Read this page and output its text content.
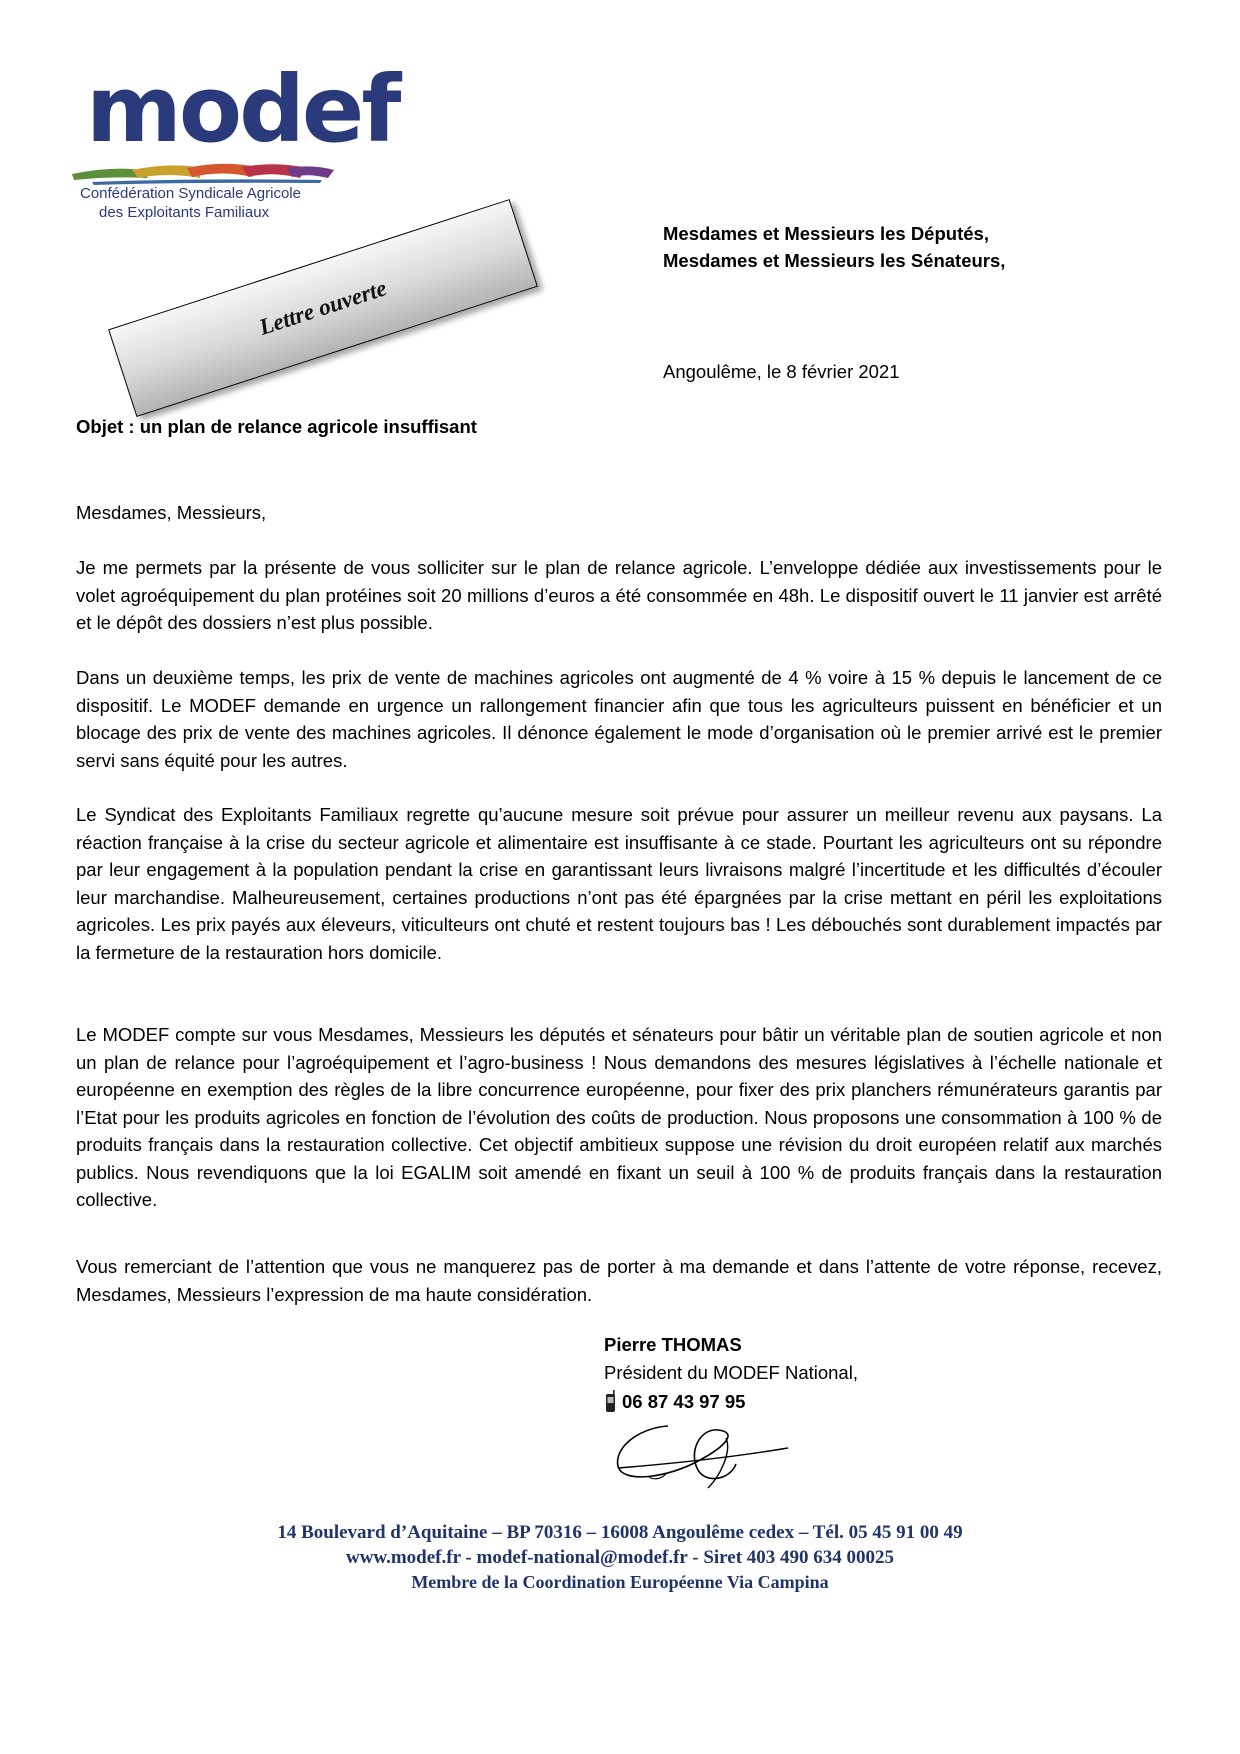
modef
Confédération Syndicale Agricole
des Exploitants Familiaux
Lettre ouverte
Mesdames et Messieurs les Députés,
Mesdames et Messieurs les Sénateurs,
Angoulême, le 8 février 2021
Objet : un plan de relance agricole insuffisant
Mesdames, Messieurs,

Je me permets par la présente de vous solliciter sur le plan de relance agricole. L’enveloppe dédiée aux investissements pour le volet agroéquipement du plan protéines soit 20 millions d’euros a été consommée en 48h. Le dispositif ouvert le 11 janvier est arrêté et le dépôt des dossiers n’est plus possible.

Dans un deuxième temps, les prix de vente de machines agricoles ont augmenté de 4 % voire à 15 % depuis le lancement de ce dispositif. Le MODEF demande en urgence un rallongement financier afin que tous les agriculteurs puissent en bénéficier et un blocage des prix de vente des machines agricoles. Il dénonce également le mode d’organisation où le premier arrivé est le premier servi sans équité pour les autres.

Le Syndicat des Exploitants Familiaux regrette qu’aucune mesure soit prévue pour assurer un meilleur revenu aux paysans. La réaction française à la crise du secteur agricole et alimentaire est insuffisante à ce stade. Pourtant les agriculteurs ont su répondre par leur engagement à la population pendant la crise en garantissant leurs livraisons malgré l’incertitude et les difficultés d’écouler leur marchandise. Malheureusement, certaines productions n’ont pas été épargnées par la crise mettant en péril les exploitations agricoles. Les prix payés aux éleveurs, viticulteurs ont chuté et restent toujours bas ! Les débouchés sont durablement impactés par la fermeture de la restauration hors domicile.

Le MODEF compte sur vous Mesdames, Messieurs les députés et sénateurs pour bâtir un véritable plan de soutien agricole et non un plan de relance pour l’agroéquipement et l’agro-business ! Nous demandons des mesures législatives à l’échelle nationale et européenne en exemption des règles de la libre concurrence européenne, pour fixer des prix planchers rémunérateurs garantis par l’Etat pour les produits agricoles en fonction de l’évolution des coûts de production. Nous proposons une consommation à 100 % de produits français dans la restauration collective. Cet objectif ambitieux suppose une révision du droit européen relatif aux marchés publics. Nous revendiquons que la loi EGALIM soit amendé en fixant un seuil à 100 % de produits français dans la restauration collective.

Vous remerciant de l’attention que vous ne manquerez pas de porter à ma demande et dans l’attente de votre réponse, recevez, Mesdames, Messieurs l’expression de ma haute considération.

Pierre THOMAS
Président du MODEF National,
06 87 43 97 95
14 Boulevard d’Aquitaine – BP 70316 – 16008 Angoulême cedex – Tél. 05 45 91 00 49
www.modef.fr - modef-national@modef.fr - Siret 403 490 634 00025
Membre de la Coordination Européenne Via Campina
